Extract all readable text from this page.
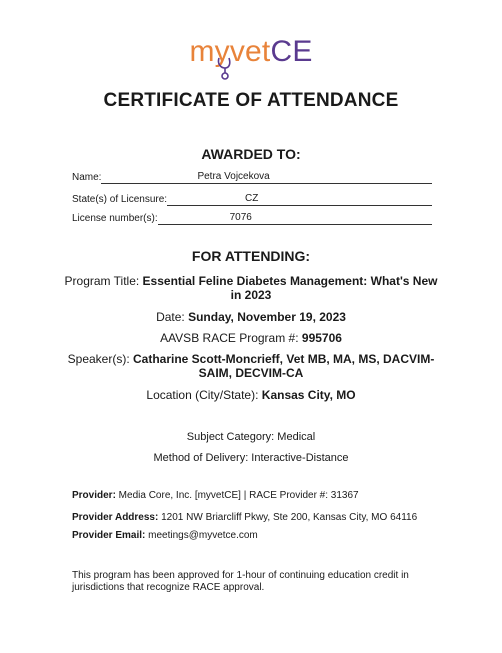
myvetCE
CERTIFICATE OF ATTENDANCE
AWARDED TO:
Name:	Petra Vojcekova
State(s) of Licensure:	CZ
License number(s):	7076
FOR ATTENDING:
Program Title: Essential Feline Diabetes Management: What's New in 2023
Date: Sunday, November 19, 2023
AAVSB RACE Program #: 995706
Speaker(s): Catharine Scott-Moncrieff, Vet MB, MA, MS, DACVIM-SAIM, DECVIM-CA
Location (City/State): Kansas City, MO
Subject Category: Medical
Method of Delivery: Interactive-Distance
Provider: Media Core, Inc. [myvetCE] | RACE Provider #: 31367
Provider Address: 1201 NW Briarcliff Pkwy, Ste 200, Kansas City, MO 64116
Provider Email: meetings@myvetce.com
This program has been approved for 1-hour of continuing education credit in jurisdictions that recognize RACE approval.
